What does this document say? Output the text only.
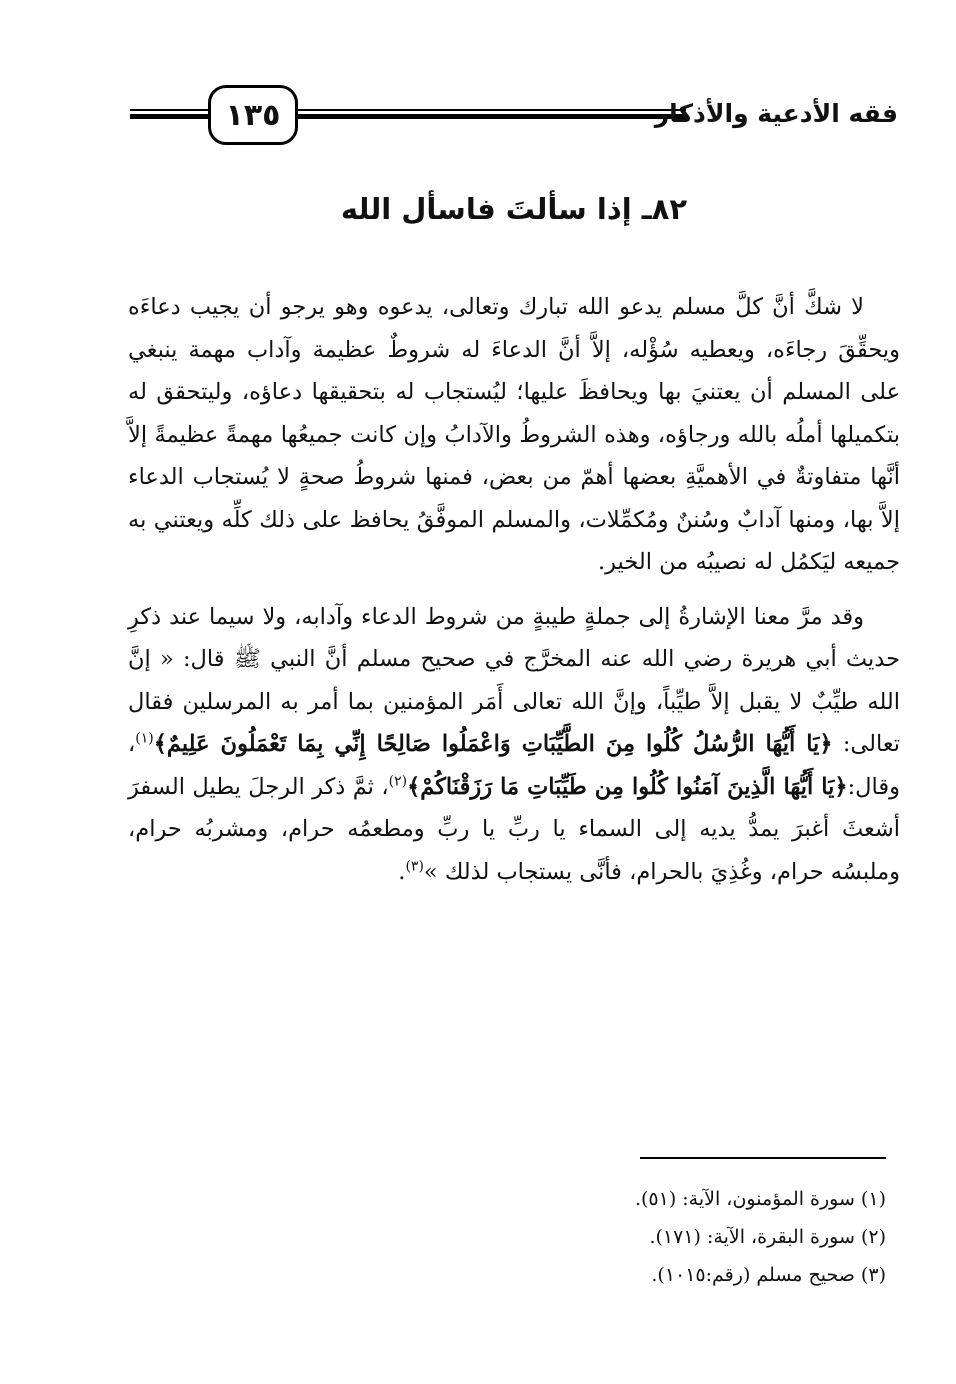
١٣٥	فقه الأدعية والأذكار
٨٢ـ إذا سألتَ فاسأل الله

لا شكَّ أنَّ كلَّ مسلم يدعو الله تبارك وتعالى، يدعوه وهو يرجو أن يجيب دعاءَه ويحقِّقَ رجاءَه، ويعطيه سُؤْله، إلاَّ أنَّ الدعاءَ له شروطٌ عظيمة وآداب مهمة ينبغي على المسلم أن يعتنيَ بها ويحافظَ عليها؛ ليُستجاب له بتحقيقها دعاؤه، وليتحقق له بتكميلها أملُه بالله ورجاؤه، وهذه الشروطُ والآدابُ وإن كانت جميعُها مهمةً عظيمةً إلاَّ أنَّها متفاوتةٌ في الأهميَّةِ بعضها أهمّ من بعض، فمنها شروطُ صحةٍ لا يُستجاب الدعاء إلاَّ بها، ومنها آدابٌ وسُننٌ ومُكمِّلات، والمسلم الموفَّقُ يحافظ على ذلك كلِّه ويعتني به جميعه ليَكمُل له نصيبُه من الخير.

وقد مرَّ معنا الإشارةُ إلى جملةٍ طيبةٍ من شروط الدعاء وآدابه، ولا سيما عند ذكرِ حديث أبي هريرة رضي الله عنه المخرَّج في صحيح مسلم أنَّ النبي ﷺ قال: « إنَّ الله طيِّبٌ لا يقبل إلاَّ طيِّباً، وإنَّ الله تعالى أَمَر المؤمنين بما أمر به المرسلين فقال تعالى: ﴿يَا أَيُّهَا الرُّسُلُ كُلُوا مِنَ الطَّيِّبَاتِ وَاعْمَلُوا صَالِحًا إِنِّي بِمَا تَعْمَلُونَ عَلِيمٌ﴾$^{(١)}$، وقال:﴿يَا أَيُّهَا الَّذِينَ آمَنُوا كُلُوا مِن طَيِّبَاتِ مَا رَزَقْنَاكُمْ﴾$^{(٢)}$، ثمَّ ذكر الرجلَ يطيل السفرَ أشعثَ أغبرَ يمدُّ يديه إلى السماء يا ربِّ يا ربِّ ومطعمُه حرام، ومشربُه حرام، وملبسُه حرام، وغُذِيَ بالحرام، فأنَّى يستجاب لذلك »$^{(٣)}$.

(١) سورة المؤمنون، الآية: (٥١).
(٢) سورة البقرة، الآية: (١٧١).
(٣) صحيح مسلم (رقم:١٠١٥).
